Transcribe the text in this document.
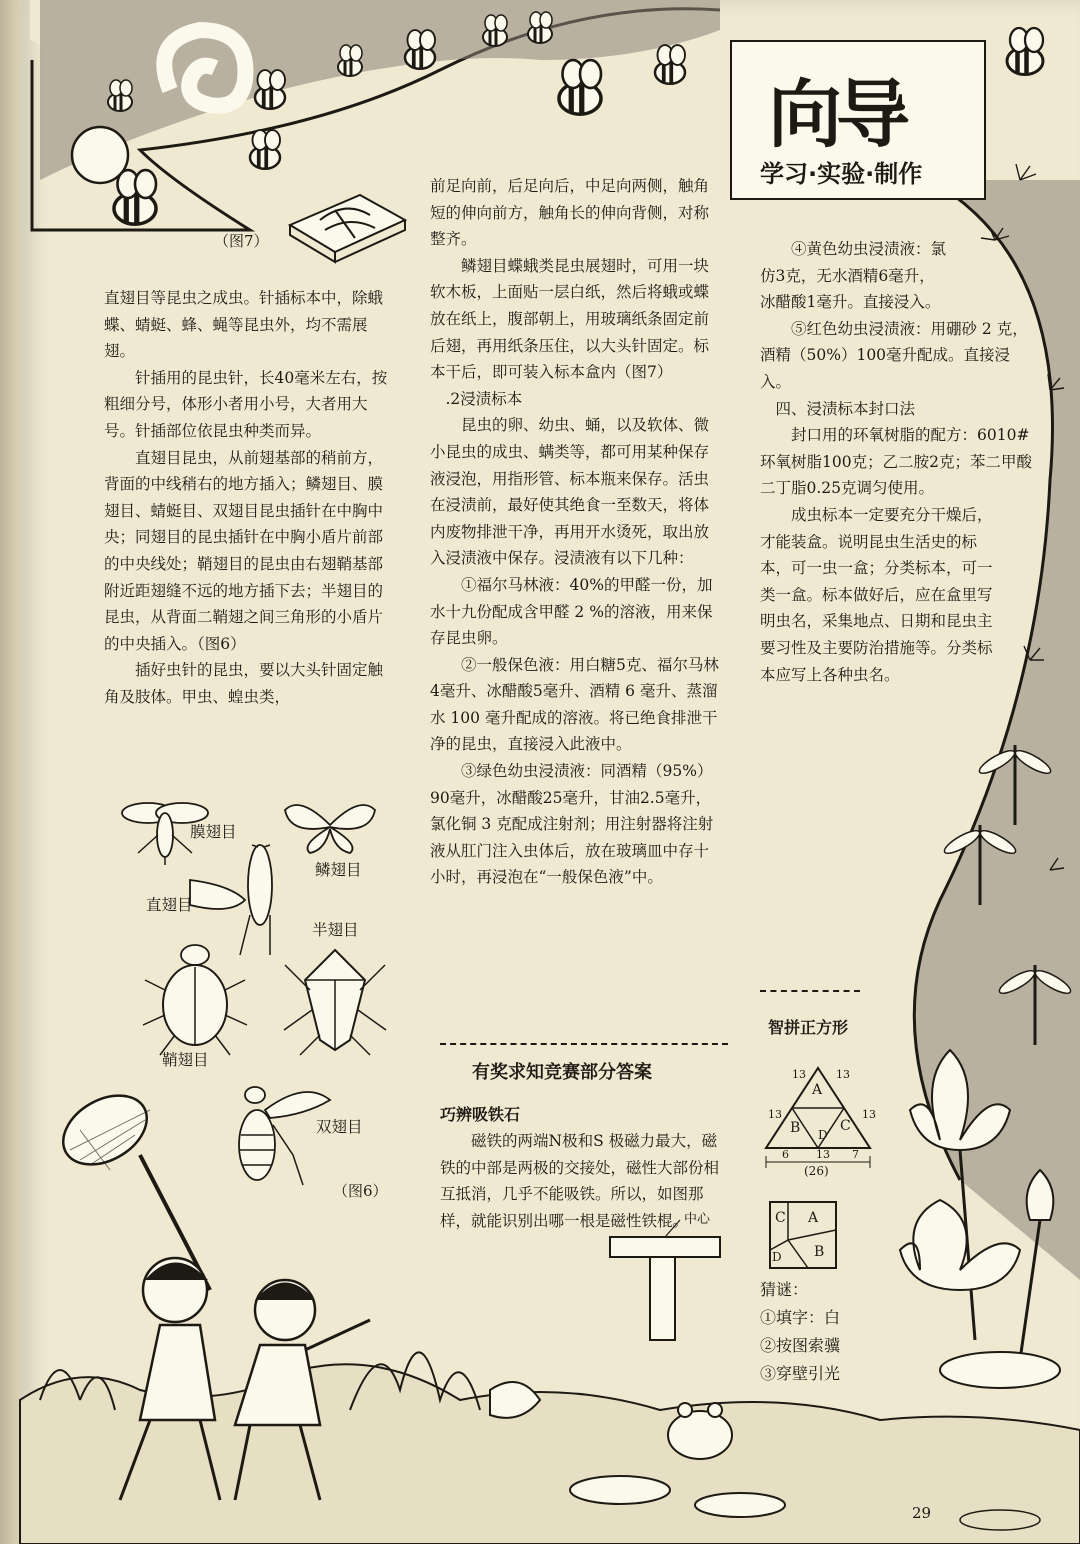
向导
学习·实验·制作
（图7）

直翅目等昆虫之成虫。针插标本中，除蛾蝶、蜻蜓、蜂、蝇等昆虫外，均不需展翅。

针插用的昆虫针，长40毫米左右，按粗细分号，体形小者用小号，大者用大号。针插部位依昆虫种类而异。

直翅目昆虫，从前翅基部的稍前方，背面的中线稍右的地方插入；鳞翅目、膜翅目、蜻蜓目、双翅目昆虫插针在中胸中央；同翅目的昆虫插针在中胸小盾片前部的中央线处；鞘翅目的昆虫由右翅鞘基部附近距翅缝不远的地方插下去；半翅目的昆虫，从背面二鞘翅之间三角形的小盾片的中央插入。（图6）

插好虫针的昆虫，要以大头针固定触角及肢体。甲虫、蝗虫类，

膜翅目
鳞翅目
直翅目
半翅目
鞘翅目
双翅目
（图6）

前足向前，后足向后，中足向两侧，触角短的伸向前方，触角长的伸向背侧，对称整齐。

鳞翅目蝶蛾类昆虫展翅时，可用一块软木板，上面贴一层白纸，然后将蛾或蝶放在纸上，腹部朝上，用玻璃纸条固定前后翅，再用纸条压住，以大头针固定。标本干后，即可装入标本盒内（图7）

.2浸渍标本

昆虫的卵、幼虫、蛹，以及软体、微小昆虫的成虫、螨类等，都可用某种保存液浸泡，用指形管、标本瓶来保存。活虫在浸渍前，最好使其绝食一至数天，将体内废物排泄干净，再用开水烫死，取出放入浸渍液中保存。浸渍液有以下几种：

①福尔马林液：40%的甲醛一份，加水十九份配成含甲醛 2 %的溶液，用来保存昆虫卵。

②一般保色液：用白糖5克、福尔马林4毫升、冰醋酸5毫升、酒精 6 毫升、蒸溜水 100 毫升配成的溶液。将已绝食排泄干净的昆虫，直接浸入此液中。

③绿色幼虫浸渍液：同酒精（95%）90毫升，冰醋酸25毫升，甘油2.5毫升，氯化铜 3 克配成注射剂；用注射器将注射液从肛门注入虫体后，放在玻璃皿中存十小时，再浸泡在“一般保色液”中。

有奖求知竞赛部分答案
巧辨吸铁石

磁铁的两端N极和S 极磁力最大，磁铁的中部是两极的交接处，磁性大部份相互抵消，几乎不能吸铁。所以，如图那样，就能识别出哪一根是磁性铁棍。

中心

④黄色幼虫浸渍液：氯仿3克，无水酒精6毫升，冰醋酸1毫升。直接浸入。

⑤红色幼虫浸渍液：用硼砂 2 克，酒精（50%）100毫升配成。直接浸入。

四、浸渍标本封口法

封口用的环氧树脂的配方：6010# 环氧树脂100克；乙二胺2克；苯二甲酸二丁脂0.25克调匀使用。

成虫标本一定要充分干燥后，才能装盒。说明昆虫生活史的标本，可一虫一盒；分类标本，可一类一盒。标本做好后，应在盒里写明虫名，采集地点、日期和昆虫主要习性及主要防治措施等。分类标本应写上各种虫名。

智拼正方形
A
B	C
D
13	13
13	13
6 13 7
(26)
C A
D B

猜谜：

①填字：白

②按图索骥

③穿壁引光

29
